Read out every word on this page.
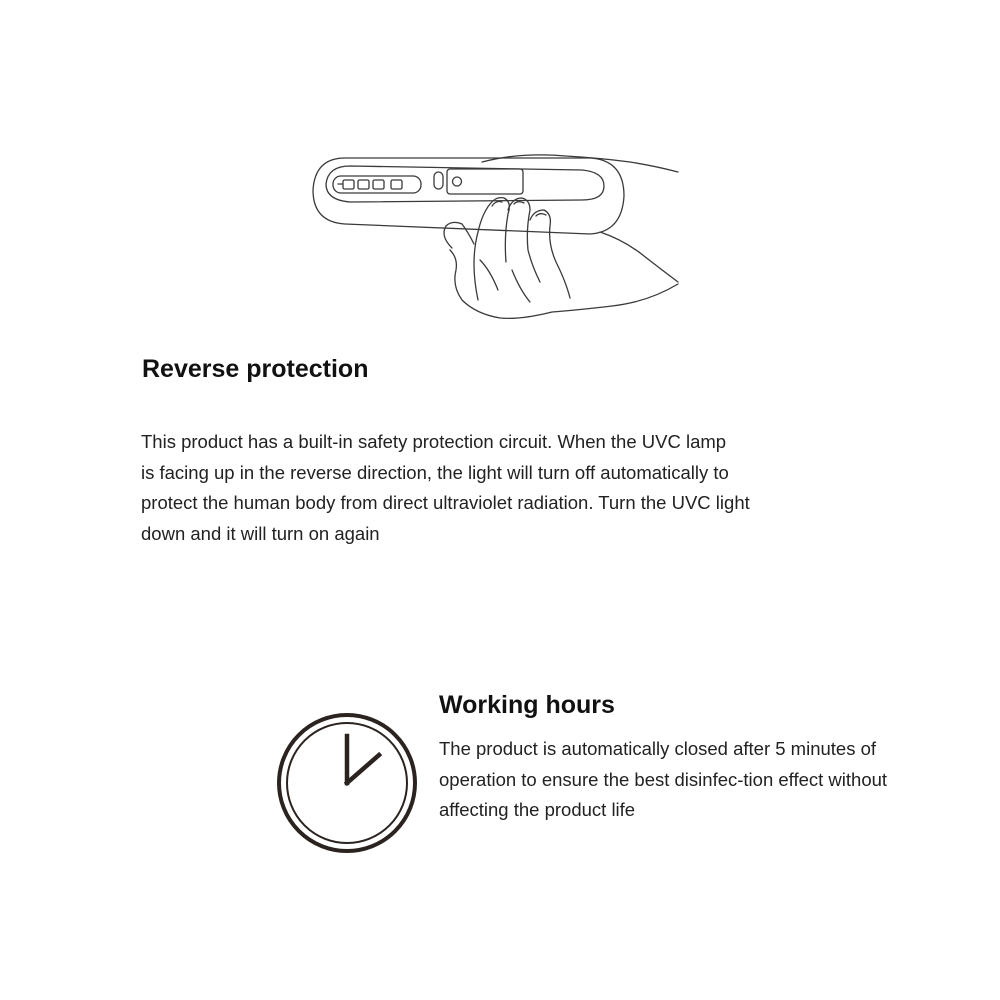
Reverse protection

This product has a built-in safety protection circuit. When the UVC lamp
is facing up in the reverse direction, the light will turn off automatically to
protect the human body from direct ultraviolet radiation. Turn the UVC light
down and it will turn on again

Working hours

The product is automatically closed after 5 minutes of
operation to ensure the best disinfec-tion effect without
affecting the product life
